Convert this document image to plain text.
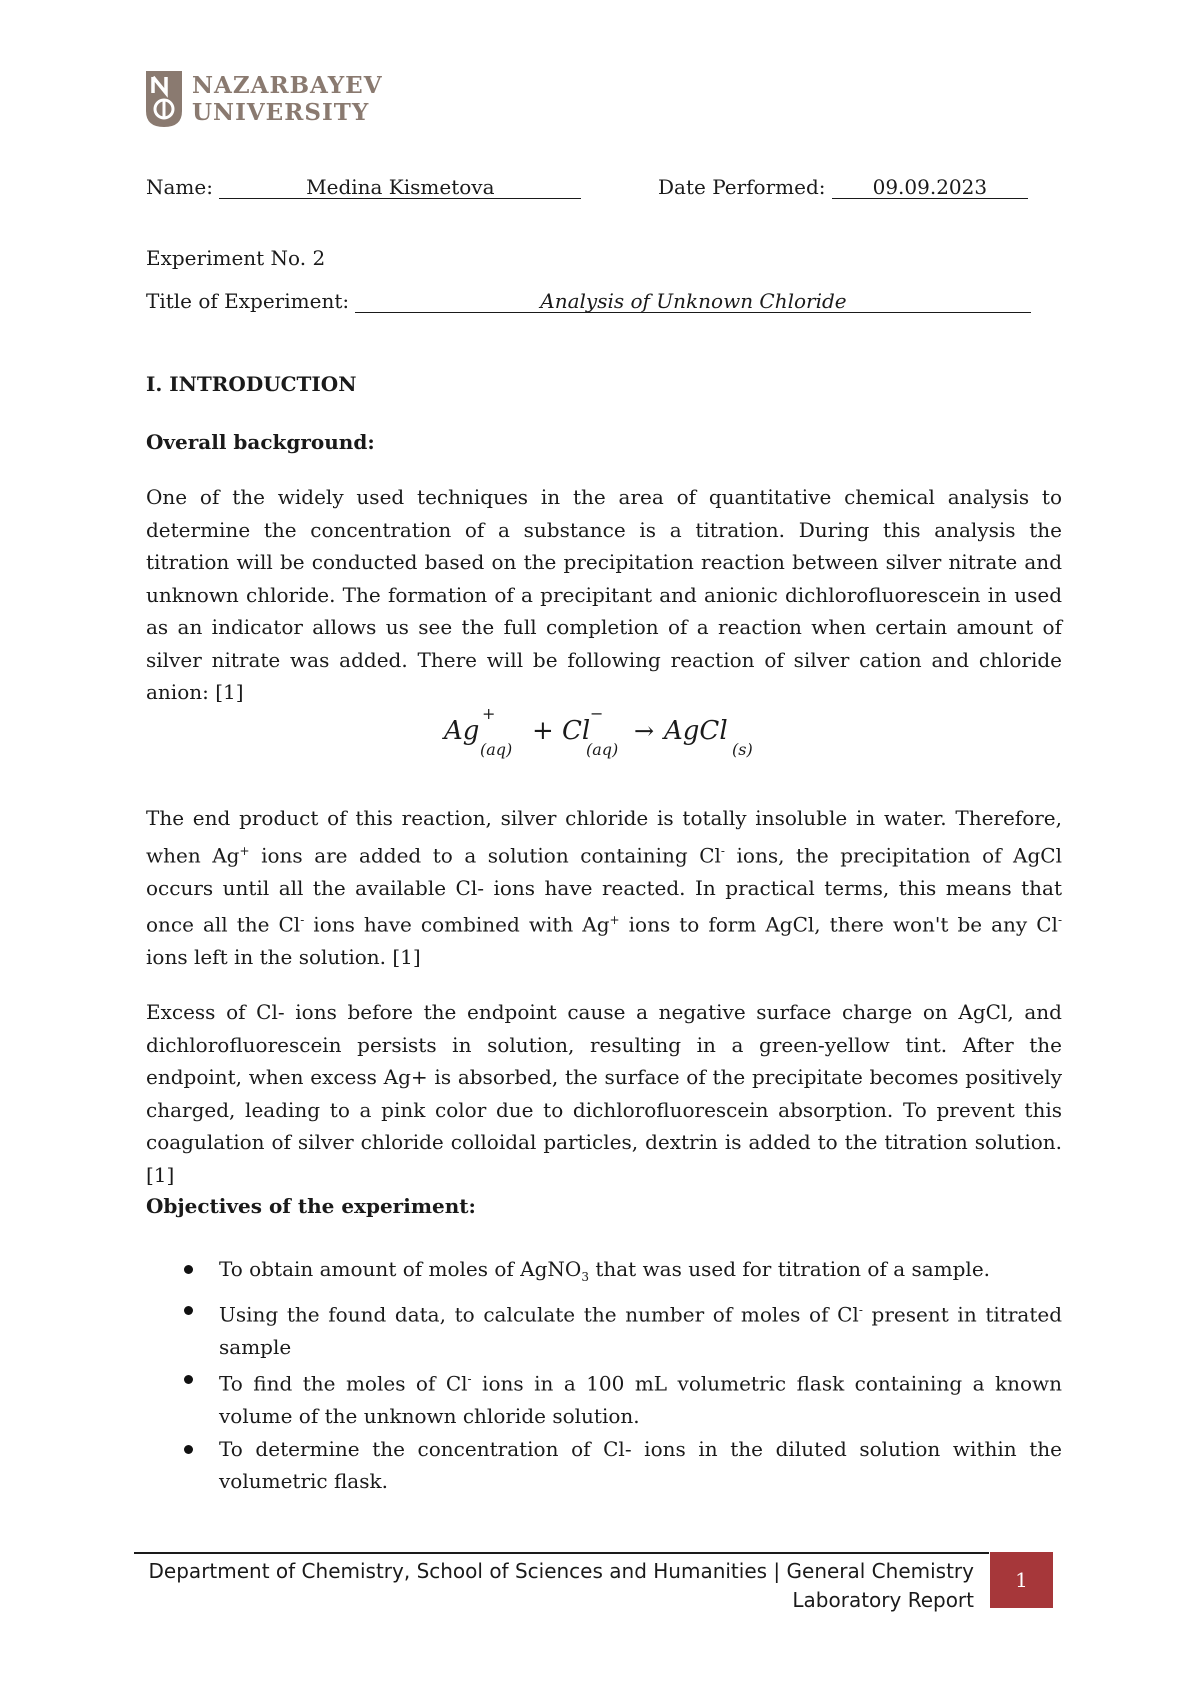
NAZARBAYEV
UNIVERSITY
Name:	Medina Kismetova	Date Performed: 09.09.2023
Experiment No. 2
Title of Experiment:	Analysis of Unknown Chloride
I. INTRODUCTION
Overall background:

One of the widely used techniques in the area of quantitative chemical analysis to determine the concentration of a substance is a titration. During this analysis the titration will be conducted based on the precipitation reaction between silver nitrate and unknown chloride. The formation of a precipitant and anionic dichlorofluorescein in used as an indicator allows us see the full completion of a reaction when certain amount of silver nitrate was added. There will be following reaction of silver cation and chloride anion: [1]

Ag
+
(aq)
+ Cl
−
(aq)
→ AgCl
(s)

The end product of this reaction, silver chloride is totally insoluble in water. Therefore, when Ag+ ions are added to a solution containing Cl- ions, the precipitation of AgCl occurs until all the available Cl- ions have reacted. In practical terms, this means that once all the Cl- ions have combined with Ag+ ions to form AgCl, there won't be any Cl- ions left in the solution. [1]

Excess of Cl- ions before the endpoint cause a negative surface charge on AgCl, and dichlorofluorescein persists in solution, resulting in a green-yellow tint. After the endpoint, when excess Ag+ is absorbed, the surface of the precipitate becomes positively charged, leading to a pink color due to dichlorofluorescein absorption. To prevent this coagulation of silver chloride colloidal particles, dextrin is added to the titration solution. [1]

Objectives of the experiment:
To obtain amount of moles of AgNO$_3$ that was used for titration of a sample.
Using the found data, to calculate the number of moles of Cl- present in titrated sample
To find the moles of Cl- ions in a 100 mL volumetric flask containing a known volume of the unknown chloride solution.
To determine the concentration of Cl- ions in the diluted solution within the volumetric flask.
Department of Chemistry, School of Sciences and Humanities | General Chemistry
Laboratory Report
1
